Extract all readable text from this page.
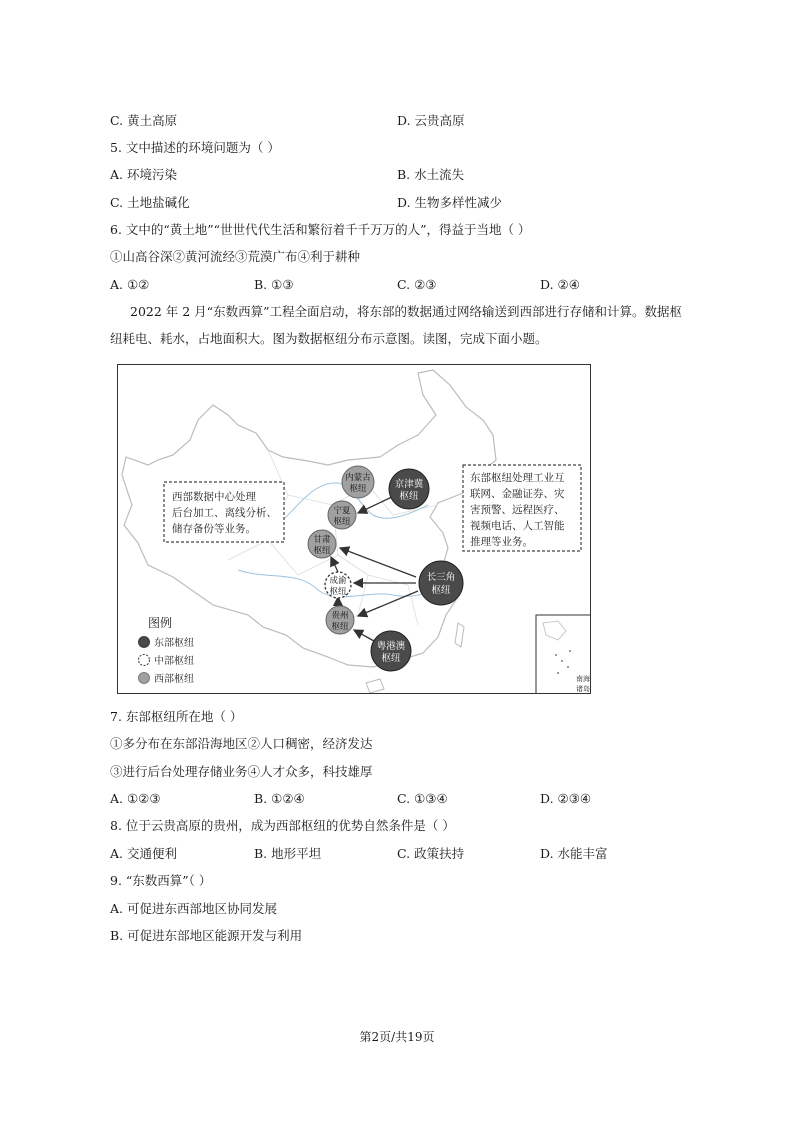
C. 黄土高原	D. 云贵高原
5. 文中描述的环境问题为（ ）
A. 环境污染	B. 水土流失
C. 土地盐碱化	D. 生物多样性减少
6. 文中的“黄土地”“世世代代生活和繁衍着千千万万的人”，得益于当地（ ）
①山高谷深②黄河流经③荒漠广布④利于耕种
A. ①②	B. ①③	C. ②③	D. ②④
2022 年 2 月“东数西算”工程全面启动，将东部的数据通过网络输送到西部进行存储和计算。数据枢
纽耗电、耗水，占地面积大。图为数据枢纽分布示意图。读图，完成下面小题。
西部数据中心处理
后台加工、离线分析、
储存备份等业务。
东部枢纽处理工业互
联网、金融证券、灾
害预警、远程医疗、
视频电话、人工智能
推理等业务。
内蒙古
枢纽
宁夏
枢纽
甘肃
枢纽
贵州
枢纽
成渝
枢纽
京津冀
枢纽
长三角
枢纽
粤港澳
枢纽
图例
东部枢纽
中部枢纽
西部枢纽	南海
诸岛
7. 东部枢纽所在地（ ）
①多分布在东部沿海地区②人口稠密，经济发达
③进行后台处理存储业务④人才众多，科技雄厚
A. ①②③	B. ①②④	C. ①③④	D. ②③④
8. 位于云贵高原的贵州，成为西部枢纽的优势自然条件是（ ）
A. 交通便利	B. 地形平坦	C. 政策扶持	D. 水能丰富
9. “东数西算”（ ）
A. 可促进东西部地区协同发展
B. 可促进东部地区能源开发与利用
第2页/共19页
